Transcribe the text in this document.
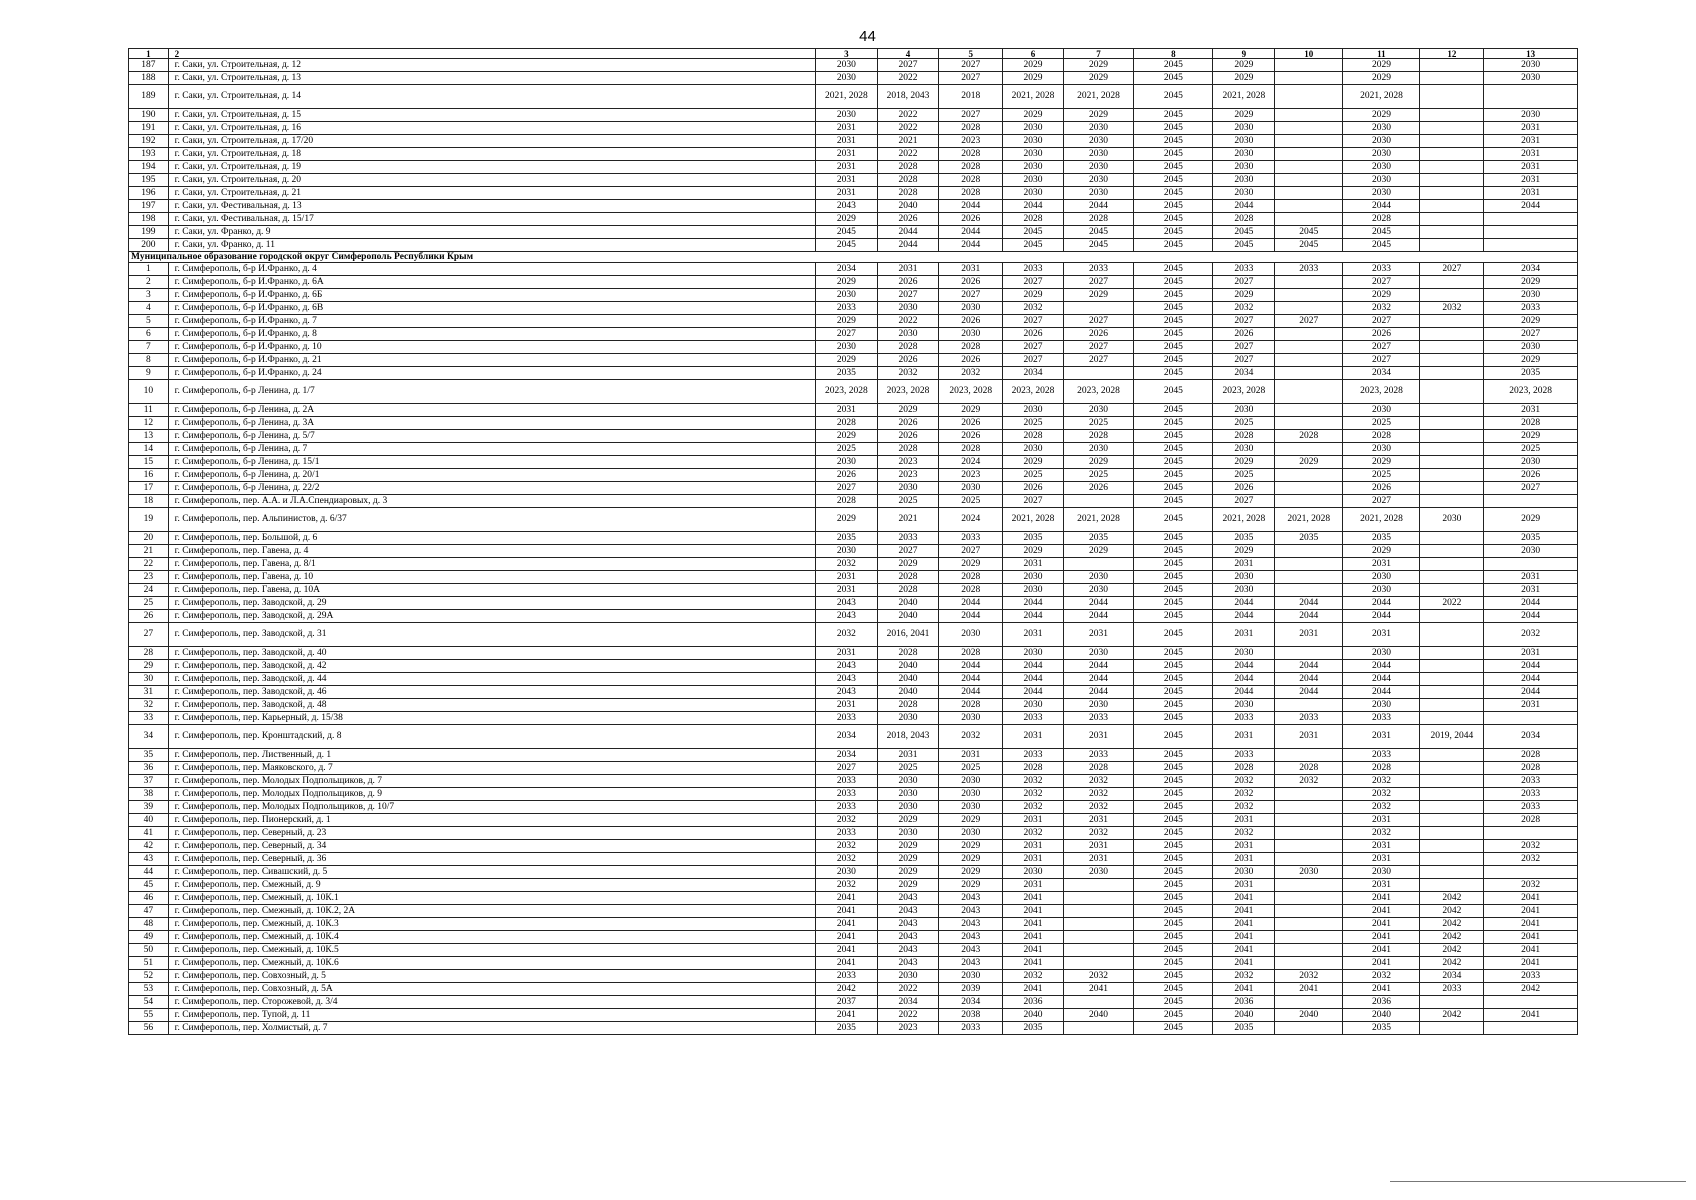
44
1	2	3	4	5	6	7	8	9	10	11	12	13
187	г. Саки, ул. Строительная, д. 12	2030	2027	2027	2029	2029	2045	2029		2029		2030
188	г. Саки, ул. Строительная, д. 13	2030	2022	2027	2029	2029	2045	2029		2029		2030
189	г. Саки, ул. Строительная, д. 14	2021, 2028	2018, 2043	2018	2021, 2028	2021, 2028	2045	2021, 2028		2021, 2028		
190	г. Саки, ул. Строительная, д. 15	2030	2022	2027	2029	2029	2045	2029		2029		2030
191	г. Саки, ул. Строительная, д. 16	2031	2022	2028	2030	2030	2045	2030		2030		2031
192	г. Саки, ул. Строительная, д. 17/20	2031	2021	2023	2030	2030	2045	2030		2030		2031
193	г. Саки, ул. Строительная, д. 18	2031	2022	2028	2030	2030	2045	2030		2030		2031
194	г. Саки, ул. Строительная, д. 19	2031	2028	2028	2030	2030	2045	2030		2030		2031
195	г. Саки, ул. Строительная, д. 20	2031	2028	2028	2030	2030	2045	2030		2030		2031
196	г. Саки, ул. Строительная, д. 21	2031	2028	2028	2030	2030	2045	2030		2030		2031
197	г. Саки, ул. Фестивальная, д. 13	2043	2040	2044	2044	2044	2045	2044		2044		2044
198	г. Саки, ул. Фестивальная, д. 15/17	2029	2026	2026	2028	2028	2045	2028		2028		
199	г. Саки, ул. Франко, д. 9	2045	2044	2044	2045	2045	2045	2045	2045	2045		
200	г. Саки, ул. Франко, д. 11	2045	2044	2044	2045	2045	2045	2045	2045	2045		
Муниципальное образование городской округ Симферополь Республики Крым												
1	г. Симферополь, б-р И.Франко, д. 4	2034	2031	2031	2033	2033	2045	2033	2033	2033	2027	2034
2	г. Симферополь, б-р И.Франко, д. 6А	2029	2026	2026	2027	2027	2045	2027		2027		2029
3	г. Симферополь, б-р И.Франко, д. 6Б	2030	2027	2027	2029	2029	2045	2029		2029		2030
4	г. Симферополь, б-р И.Франко, д. 6В	2033	2030	2030	2032		2045	2032		2032	2032	2033
5	г. Симферополь, б-р И.Франко, д. 7	2029	2022	2026	2027	2027	2045	2027	2027	2027		2029
6	г. Симферополь, б-р И.Франко, д. 8	2027	2030	2030	2026	2026	2045	2026		2026		2027
7	г. Симферополь, б-р И.Франко, д. 10	2030	2028	2028	2027	2027	2045	2027		2027		2030
8	г. Симферополь, б-р И.Франко, д. 21	2029	2026	2026	2027	2027	2045	2027		2027		2029
9	г. Симферополь, б-р И.Франко, д. 24	2035	2032	2032	2034		2045	2034		2034		2035
10	г. Симферополь, б-р Ленина, д. 1/7	2023, 2028	2023, 2028	2023, 2028	2023, 2028	2023, 2028	2045	2023, 2028		2023, 2028		2023, 2028
11	г. Симферополь, б-р Ленина, д. 2А	2031	2029	2029	2030	2030	2045	2030		2030		2031
12	г. Симферополь, б-р Ленина, д. 3А	2028	2026	2026	2025	2025	2045	2025		2025		2028
13	г. Симферополь, б-р Ленина, д. 5/7	2029	2026	2026	2028	2028	2045	2028	2028	2028		2029
14	г. Симферополь, б-р Ленина, д. 7	2025	2028	2028	2030	2030	2045	2030		2030		2025
15	г. Симферополь, б-р Ленина, д. 15/1	2030	2023	2024	2029	2029	2045	2029	2029	2029		2030
16	г. Симферополь, б-р Ленина, д. 20/1	2026	2023	2023	2025	2025	2045	2025		2025		2026
17	г. Симферополь, б-р Ленина, д. 22/2	2027	2030	2030	2026	2026	2045	2026		2026		2027
18	г. Симферополь, пер. А.А. и Л.А.Спендиаровых, д. 3	2028	2025	2025	2027		2045	2027		2027		
19	г. Симферополь, пер. Альпинистов, д. 6/37	2029	2021	2024	2021, 2028	2021, 2028	2045	2021, 2028	2021, 2028	2021, 2028	2030	2029
20	г. Симферополь, пер. Большой, д. 6	2035	2033	2033	2035	2035	2045	2035	2035	2035		2035
21	г. Симферополь, пер. Гавена, д. 4	2030	2027	2027	2029	2029	2045	2029		2029		2030
22	г. Симферополь, пер. Гавена, д. 8/1	2032	2029	2029	2031		2045	2031		2031		
23	г. Симферополь, пер. Гавена, д. 10	2031	2028	2028	2030	2030	2045	2030		2030		2031
24	г. Симферополь, пер. Гавена, д. 10А	2031	2028	2028	2030	2030	2045	2030		2030		2031
25	г. Симферополь, пер. Заводской, д. 29	2043	2040	2044	2044	2044	2045	2044	2044	2044	2022	2044
26	г. Симферополь, пер. Заводской, д. 29А	2043	2040	2044	2044	2044	2045	2044	2044	2044		2044
27	г. Симферополь, пер. Заводской, д. 31	2032	2016, 2041	2030	2031	2031	2045	2031	2031	2031		2032
28	г. Симферополь, пер. Заводской, д. 40	2031	2028	2028	2030	2030	2045	2030		2030		2031
29	г. Симферополь, пер. Заводской, д. 42	2043	2040	2044	2044	2044	2045	2044	2044	2044		2044
30	г. Симферополь, пер. Заводской, д. 44	2043	2040	2044	2044	2044	2045	2044	2044	2044		2044
31	г. Симферополь, пер. Заводской, д. 46	2043	2040	2044	2044	2044	2045	2044	2044	2044		2044
32	г. Симферополь, пер. Заводской, д. 48	2031	2028	2028	2030	2030	2045	2030		2030		2031
33	г. Симферополь, пер. Карьерный, д. 15/38	2033	2030	2030	2033	2033	2045	2033	2033	2033		
34	г. Симферополь, пер. Кронштадский, д. 8	2034	2018, 2043	2032	2031	2031	2045	2031	2031	2031	2019, 2044	2034
35	г. Симферополь, пер. Лиственный, д. 1	2034	2031	2031	2033	2033	2045	2033		2033		2028
36	г. Симферополь, пер. Маяковского, д. 7	2027	2025	2025	2028	2028	2045	2028	2028	2028		2028
37	г. Симферополь, пер. Молодых Подпольщиков, д. 7	2033	2030	2030	2032	2032	2045	2032	2032	2032		2033
38	г. Симферополь, пер. Молодых Подпольщиков, д. 9	2033	2030	2030	2032	2032	2045	2032		2032		2033
39	г. Симферополь, пер. Молодых Подпольщиков, д. 10/7	2033	2030	2030	2032	2032	2045	2032		2032		2033
40	г. Симферополь, пер. Пионерский, д. 1	2032	2029	2029	2031	2031	2045	2031		2031		2028
41	г. Симферополь, пер. Северный, д. 23	2033	2030	2030	2032	2032	2045	2032		2032		
42	г. Симферополь, пер. Северный, д. 34	2032	2029	2029	2031	2031	2045	2031		2031		2032
43	г. Симферополь, пер. Северный, д. 36	2032	2029	2029	2031	2031	2045	2031		2031		2032
44	г. Симферополь, пер. Сивашский, д. 5	2030	2029	2029	2030	2030	2045	2030	2030	2030		
45	г. Симферополь, пер. Смежный, д. 9	2032	2029	2029	2031		2045	2031		2031		2032
46	г. Симферополь, пер. Смежный, д. 10К.1	2041	2043	2043	2041		2045	2041		2041	2042	2041
47	г. Симферополь, пер. Смежный, д. 10К.2, 2А	2041	2043	2043	2041		2045	2041		2041	2042	2041
48	г. Симферополь, пер. Смежный, д. 10К.3	2041	2043	2043	2041		2045	2041		2041	2042	2041
49	г. Симферополь, пер. Смежный, д. 10К.4	2041	2043	2043	2041		2045	2041		2041	2042	2041
50	г. Симферополь, пер. Смежный, д. 10К.5	2041	2043	2043	2041		2045	2041		2041	2042	2041
51	г. Симферополь, пер. Смежный, д. 10К.6	2041	2043	2043	2041		2045	2041		2041	2042	2041
52	г. Симферополь, пер. Совхозный, д. 5	2033	2030	2030	2032	2032	2045	2032	2032	2032	2034	2033
53	г. Симферополь, пер. Совхозный, д. 5А	2042	2022	2039	2041	2041	2045	2041	2041	2041	2033	2042
54	г. Симферополь, пер. Сторожевой, д. 3/4	2037	2034	2034	2036		2045	2036		2036		
55	г. Симферополь, пер. Тупой, д. 11	2041	2022	2038	2040	2040	2045	2040	2040	2040	2042	2041
56	г. Симферополь, пер. Холмистый, д. 7	2035	2023	2033	2035		2045	2035		2035		
